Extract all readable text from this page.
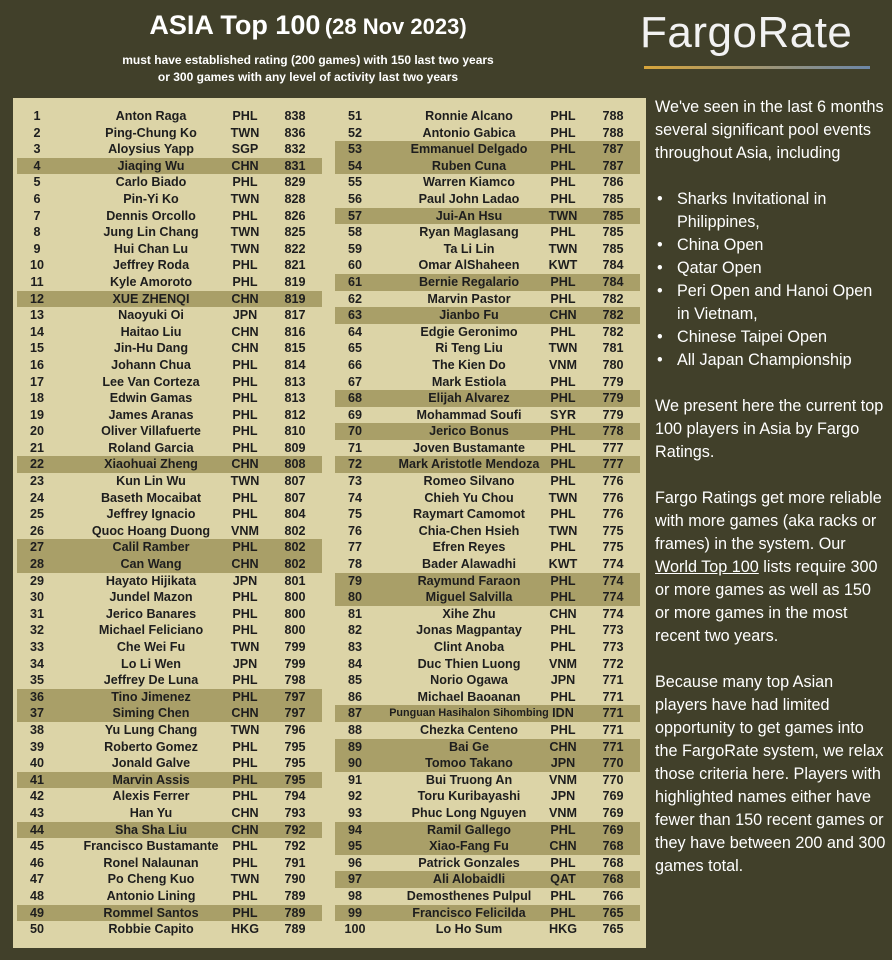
ASIA Top 100 (28 Nov 2023)
must have established rating (200 games) with 150 last two years
or 300 games with any level of activity last two years
FargoRate
1	Anton Raga	PHL	838
2	Ping-Chung Ko	TWN	836
3	Aloysius Yapp	SGP	832
4	Jiaqing Wu	CHN	831
5	Carlo Biado	PHL	829
6	Pin-Yi Ko	TWN	828
7	Dennis Orcollo	PHL	826
8	Jung Lin Chang	TWN	825
9	Hui Chan Lu	TWN	822
10	Jeffrey Roda	PHL	821
11	Kyle Amoroto	PHL	819
12	XUE ZHENQI	CHN	819
13	Naoyuki Oi	JPN	817
14	Haitao Liu	CHN	816
15	Jin-Hu Dang	CHN	815
16	Johann Chua	PHL	814
17	Lee Van Corteza	PHL	813
18	Edwin Gamas	PHL	813
19	James Aranas	PHL	812
20	Oliver Villafuerte	PHL	810
21	Roland Garcia	PHL	809
22	Xiaohuai Zheng	CHN	808
23	Kun Lin Wu	TWN	807
24	Baseth Mocaibat	PHL	807
25	Jeffrey Ignacio	PHL	804
26	Quoc Hoang Duong	VNM	802
27	Calil Ramber	PHL	802
28	Can Wang	CHN	802
29	Hayato Hijikata	JPN	801
30	Jundel Mazon	PHL	800
31	Jerico Banares	PHL	800
32	Michael Feliciano	PHL	800
33	Che Wei Fu	TWN	799
34	Lo Li Wen	JPN	799
35	Jeffrey De Luna	PHL	798
36	Tino Jimenez	PHL	797
37	Siming Chen	CHN	797
38	Yu Lung Chang	TWN	796
39	Roberto Gomez	PHL	795
40	Jonald Galve	PHL	795
41	Marvin Assis	PHL	795
42	Alexis Ferrer	PHL	794
43	Han Yu	CHN	793
44	Sha Sha Liu	CHN	792
45	Francisco Bustamante	PHL	792
46	Ronel Nalaunan	PHL	791
47	Po Cheng Kuo	TWN	790
48	Antonio Lining	PHL	789
49	Rommel Santos	PHL	789
50	Robbie Capito	HKG	789
51	Ronnie Alcano	PHL	788
52	Antonio Gabica	PHL	788
53	Emmanuel Delgado	PHL	787
54	Ruben Cuna	PHL	787
55	Warren Kiamco	PHL	786
56	Paul John Ladao	PHL	785
57	Jui-An Hsu	TWN	785
58	Ryan Maglasang	PHL	785
59	Ta Li Lin	TWN	785
60	Omar AlShaheen	KWT	784
61	Bernie Regalario	PHL	784
62	Marvin Pastor	PHL	782
63	Jianbo Fu	CHN	782
64	Edgie Geronimo	PHL	782
65	Ri Teng Liu	TWN	781
66	The Kien Do	VNM	780
67	Mark Estiola	PHL	779
68	Elijah Alvarez	PHL	779
69	Mohammad Soufi	SYR	779
70	Jerico Bonus	PHL	778
71	Joven Bustamante	PHL	777
72	Mark Aristotle Mendoza PHL	777
73	Romeo Silvano	PHL	776
74	Chieh Yu Chou	TWN	776
75	Raymart Camomot	PHL	776
76	Chia-Chen Hsieh	TWN	775
77	Efren Reyes	PHL	775
78	Bader Alawadhi	KWT	774
79	Raymund Faraon	PHL	774
80	Miguel Salvilla	PHL	774
81	Xihe Zhu	CHN	774
82	Jonas Magpantay	PHL	773
83	Clint Anoba	PHL	773
84	Duc Thien Luong	VNM	772
85	Norio Ogawa	JPN	771
86	Michael Baoanan	PHL	771
87	Punguan Hasihalon Sihombing IDN	771
88	Chezka Centeno	PHL	771
89	Bai Ge	CHN	771
90	Tomoo Takano	JPN	770
91	Bui Truong An	VNM	770
92	Toru Kuribayashi	JPN	769
93	Phuc Long Nguyen	VNM	769
94	Ramil Gallego	PHL	769
95	Xiao-Fang Fu	CHN	768
96	Patrick Gonzales	PHL	768
97	Ali Alobaidli	QAT	768
98	Demosthenes Pulpul	PHL	766
99	Francisco Felicilda	PHL	765
100	Lo Ho Sum	HKG	765

We've seen in the last 6 months several significant pool events throughout Asia, including

• Sharks Invitational in Philippines,
• China Open
• Qatar Open
• Peri Open and Hanoi Open in Vietnam,
• Chinese Taipei Open
• All Japan Championship

We present here the current top 100 players in Asia by Fargo Ratings.

Fargo Ratings get more reliable with more games (aka racks or frames) in the system. Our World Top 100 lists require 300 or more games as well as 150 or more games in the most recent two years.

Because many top Asian players have had limited opportunity to get games into the FargoRate system, we relax those criteria here. Players with highlighted names either have fewer than 150 recent games or they have between 200 and 300 games total.
